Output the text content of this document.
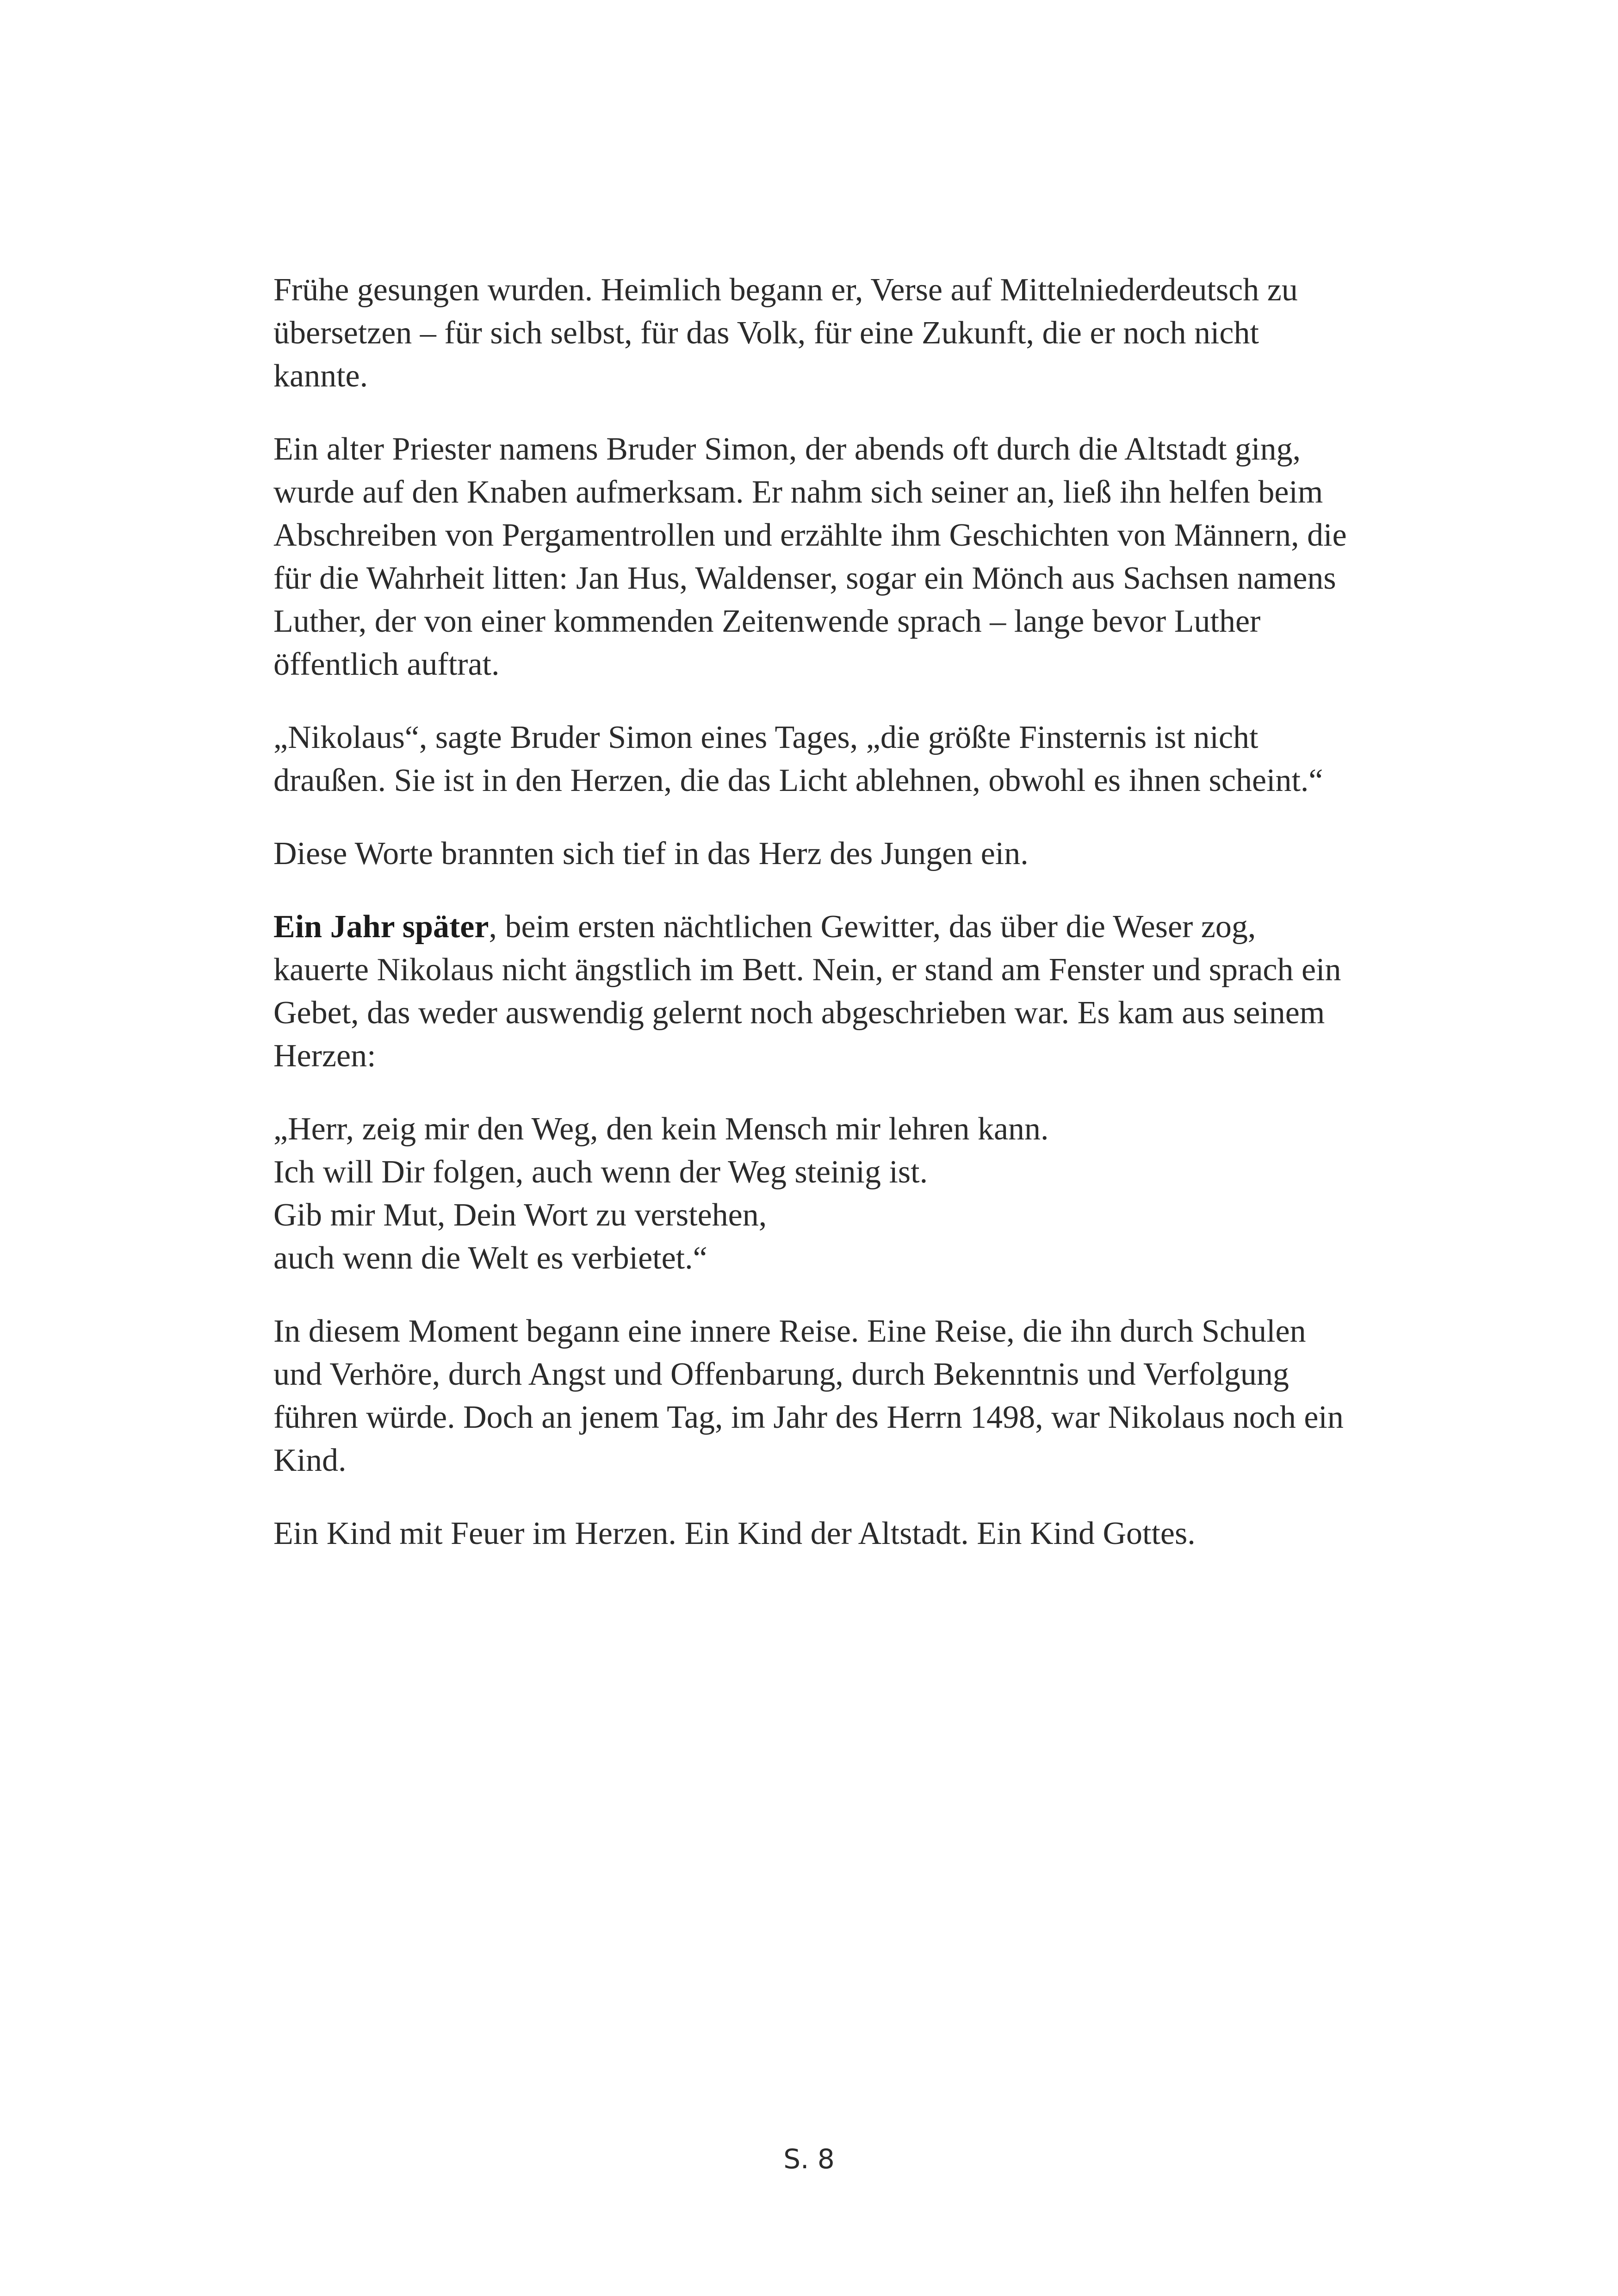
Frühe gesungen wurden. Heimlich begann er, Verse auf Mittelniederdeutsch zu übersetzen – für sich selbst, für das Volk, für eine Zukunft, die er noch nicht kannte.

Ein alter Priester namens Bruder Simon, der abends oft durch die Altstadt ging, wurde auf den Knaben aufmerksam. Er nahm sich seiner an, ließ ihn helfen beim Abschreiben von Pergamentrollen und erzählte ihm Geschichten von Männern, die für die Wahrheit litten: Jan Hus, Waldenser, sogar ein Mönch aus Sachsen namens Luther, der von einer kommenden Zeitenwende sprach – lange bevor Luther öffentlich auftrat.

„Nikolaus“, sagte Bruder Simon eines Tages, „die größte Finsternis ist nicht draußen. Sie ist in den Herzen, die das Licht ablehnen, obwohl es ihnen scheint.“

Diese Worte brannten sich tief in das Herz des Jungen ein.

Ein Jahr später, beim ersten nächtlichen Gewitter, das über die Weser zog, kauerte Nikolaus nicht ängstlich im Bett. Nein, er stand am Fenster und sprach ein Gebet, das weder auswendig gelernt noch abgeschrieben war. Es kam aus seinem Herzen:

„Herr, zeig mir den Weg, den kein Mensch mir lehren kann.
Ich will Dir folgen, auch wenn der Weg steinig ist.
Gib mir Mut, Dein Wort zu verstehen,
auch wenn die Welt es verbietet.“

In diesem Moment begann eine innere Reise. Eine Reise, die ihn durch Schulen und Verhöre, durch Angst und Offenbarung, durch Bekenntnis und Verfolgung führen würde. Doch an jenem Tag, im Jahr des Herrn 1498, war Nikolaus noch ein Kind.

Ein Kind mit Feuer im Herzen. Ein Kind der Altstadt. Ein Kind Gottes.

S. 8
